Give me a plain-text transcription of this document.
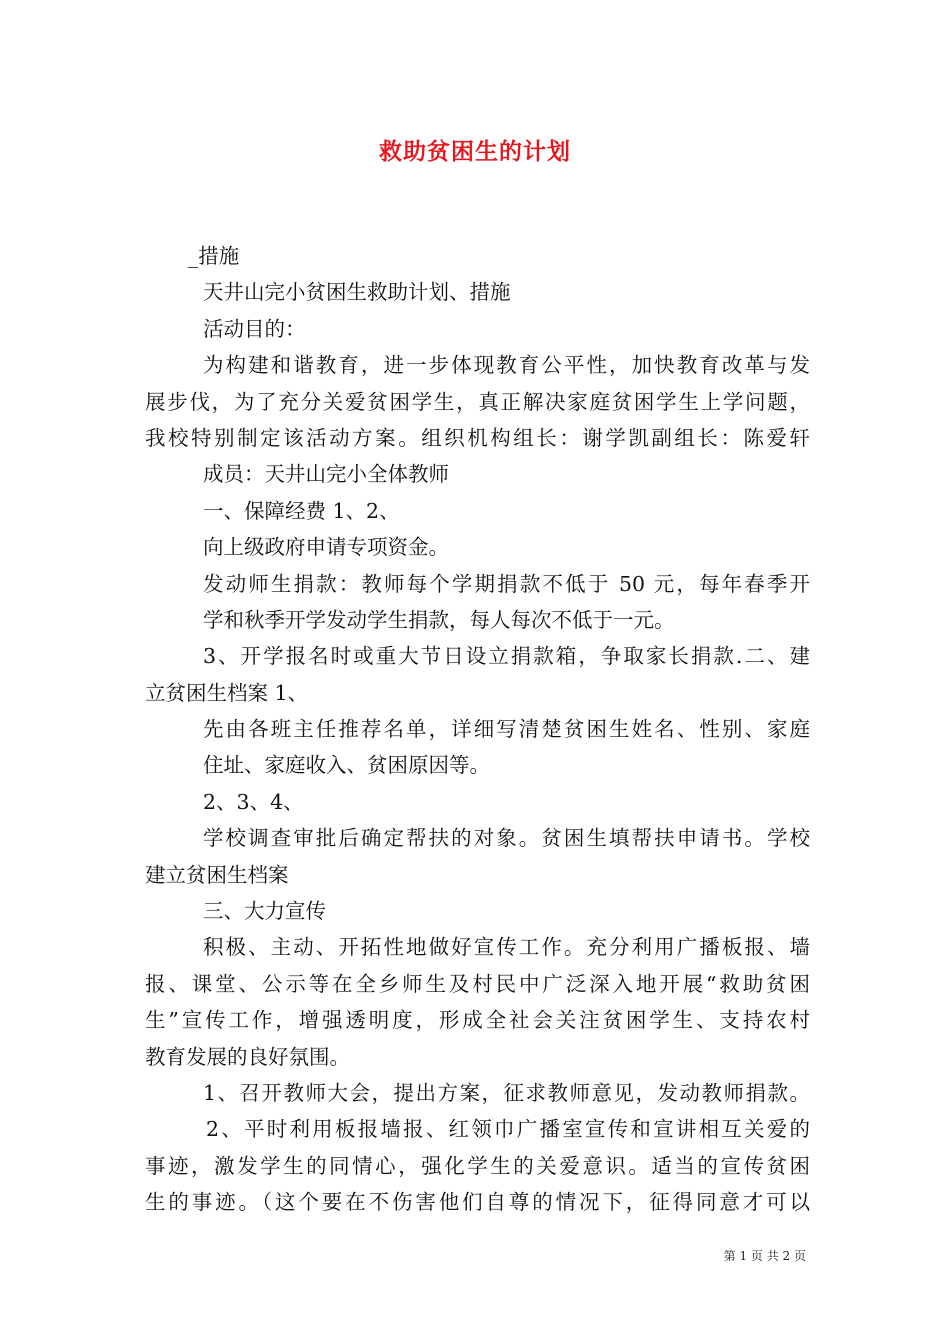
救助贫困生的计划
_措施
天井山完小贫困生救助计划、措施
活动目的：
为构建和谐教育，进一步体现教育公平性，加快教育改革与发
展步伐，为了充分关爱贫困学生，真正解决家庭贫困学生上学问题，
我校特别制定该活动方案。组织机构组长：谢学凯副组长：陈爱轩
成员：天井山完小全体教师
一、保障经费 1、2、
向上级政府申请专项资金。
发动师生捐款：教师每个学期捐款不低于 50 元，每年春季开
学和秋季开学发动学生捐款，每人每次不低于一元。
3、开学报名时或重大节日设立捐款箱，争取家长捐款.二、建
立贫困生档案 1、
先由各班主任推荐名单，详细写清楚贫困生姓名、性别、家庭
住址、家庭收入、贫困原因等。
2、3、4、
学校调查审批后确定帮扶的对象。贫困生填帮扶申请书。学校
建立贫困生档案
三、大力宣传
积极、主动、开拓性地做好宣传工作。充分利用广播板报、墙
报、课堂、公示等在全乡师生及村民中广泛深入地开展“救助贫困
生”宣传工作，增强透明度，形成全社会关注贫困学生、支持农村
教育发展的良好氛围。
1、召开教师大会，提出方案，征求教师意见，发动教师捐款。
2、平时利用板报墙报、红领巾广播室宣传和宣讲相互关爱的
事迹，激发学生的同情心，强化学生的关爱意识。适当的宣传贫困
生的事迹。（这个要在不伤害他们自尊的情况下，征得同意才可以
第 1 页 共 2 页
